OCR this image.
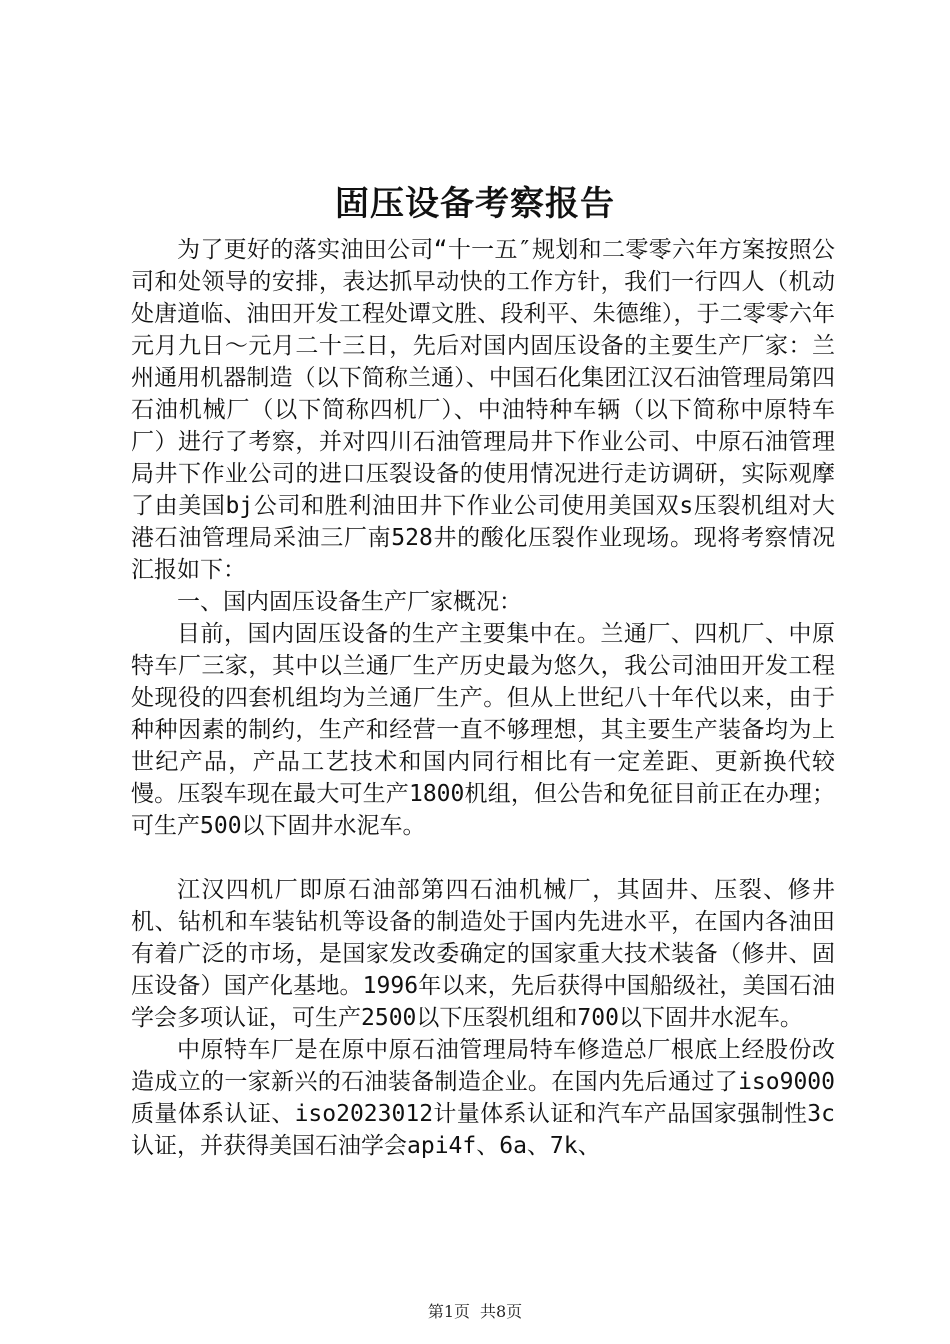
固压设备考察报告

为了更好的落实油田公司“十一五″规划和二零零六年方案按照公司和处领导的安排，表达抓早动快的工作方针，我们一行四人（机动处唐道临、油田开发工程处谭文胜、段利平、朱德维），于二零零六年元月九日～元月二十三日，先后对国内固压设备的主要生产厂家：兰州通用机器制造（以下简称兰通）、中国石化集团江汉石油管理局第四石油机械厂（以下简称四机厂）、中油特种车辆（以下简称中原特车厂）进行了考察，并对四川石油管理局井下作业公司、中原石油管理局井下作业公司的进口压裂设备的使用情况进行走访调研，实际观摩了由美国bj公司和胜利油田井下作业公司使用美国双s压裂机组对大港石油管理局采油三厂南528井的酸化压裂作业现场。现将考察情况汇报如下：

一、国内固压设备生产厂家概况：

目前，国内固压设备的生产主要集中在。兰通厂、四机厂、中原特车厂三家，其中以兰通厂生产历史最为悠久，我公司油田开发工程处现役的四套机组均为兰通厂生产。但从上世纪八十年代以来，由于种种因素的制约，生产和经营一直不够理想，其主要生产装备均为上世纪产品，产品工艺技术和国内同行相比有一定差距、更新换代较慢。压裂车现在最大可生产1800机组，但公告和免征目前正在办理；可生产500以下固井水泥车。

江汉四机厂即原石油部第四石油机械厂，其固井、压裂、修井机、钻机和车装钻机等设备的制造处于国内先进水平，在国内各油田有着广泛的市场，是国家发改委确定的国家重大技术装备（修井、固压设备）国产化基地。1996年以来，先后获得中国船级社，美国石油学会多项认证，可生产2500以下压裂机组和700以下固井水泥车。

中原特车厂是在原中原石油管理局特车修造总厂根底上经股份改造成立的一家新兴的石油装备制造企业。在国内先后通过了iso9000质量体系认证、iso2023012计量体系认证和汽车产品国家强制性3c认证，并获得美国石油学会api4f、6a、7k、

第1页 共8页
